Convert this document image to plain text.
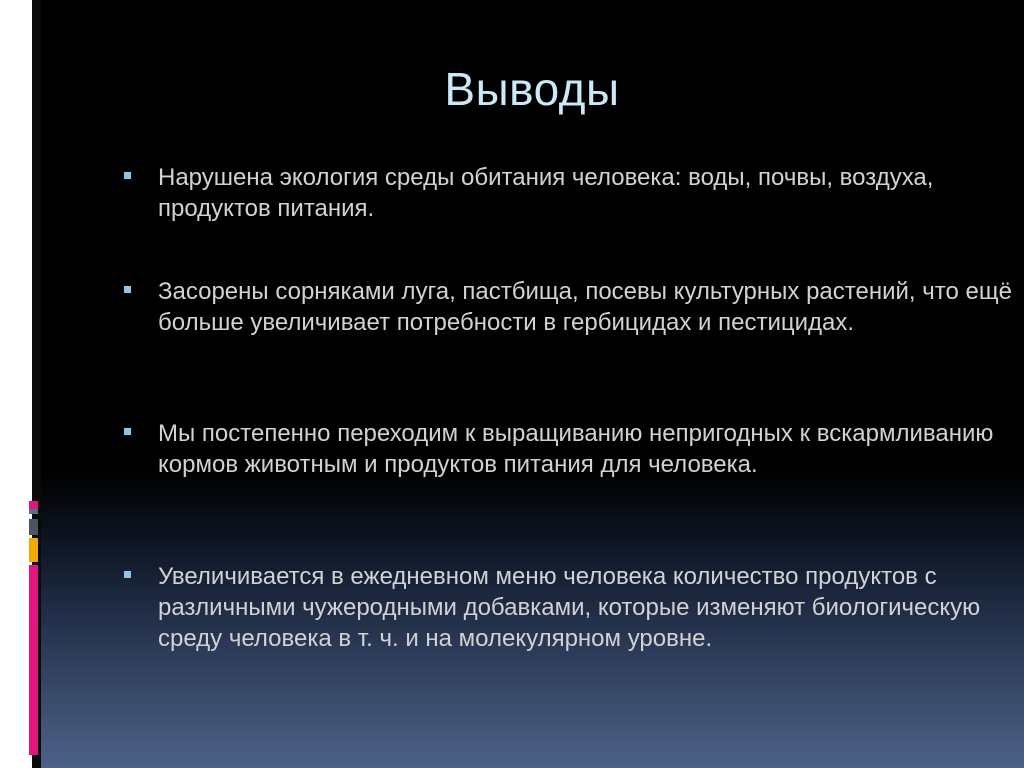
Выводы
Нарушена экология среды обитания человека: воды, почвы, воздуха, продуктов питания.
Засорены сорняками луга, пастбища, посевы культурных растений, что ещё больше увеличивает потребности в гербицидах и пестицидах.
Мы постепенно переходим к выращиванию непригодных к вскармливанию кормов животным и продуктов питания для человека.
Увеличивается в ежедневном меню человека количество продуктов с различными чужеродными добавками, которые изменяют биологическую среду человека в т. ч. и на молекулярном уровне.
